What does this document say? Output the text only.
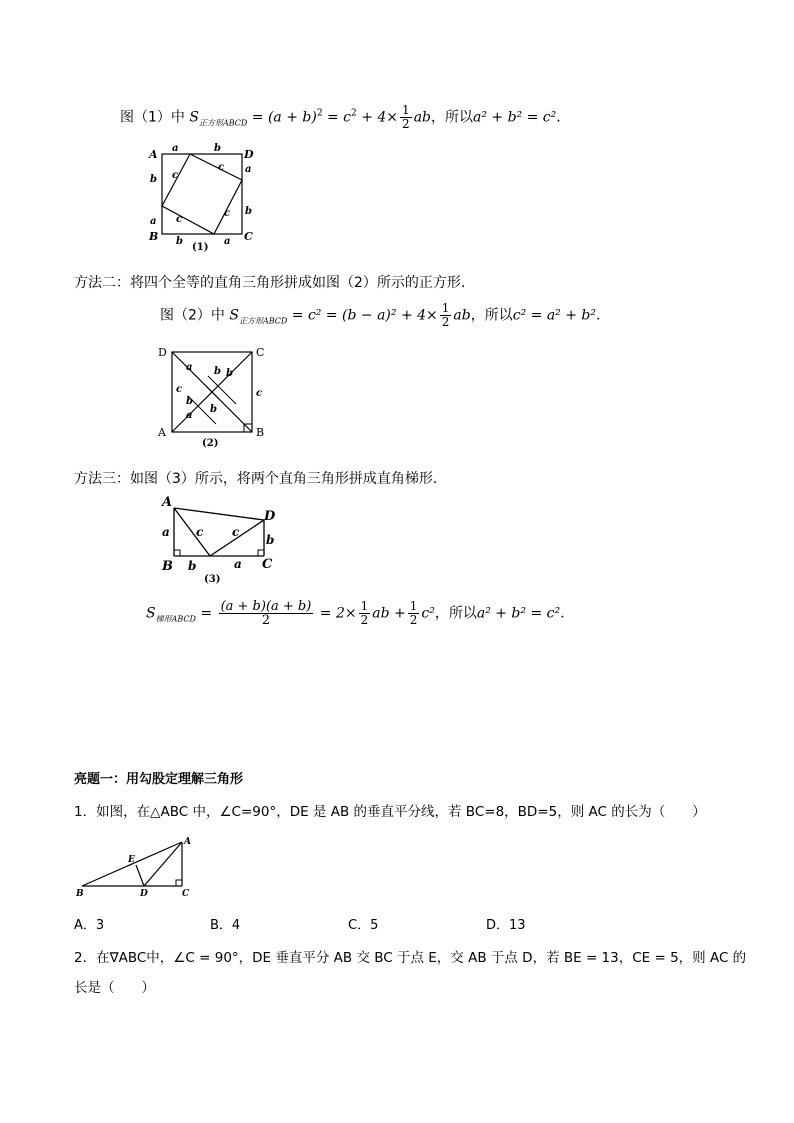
图（1）中 $S_{正方形ABCD} = (a + b)^2 = c^2 + 4\times \frac{1}{2}$ ab，所以a² + b² = c².
A
B	C
D
a	b
b
a
a
b
b	a
c
c
c
c
(1)
方法二：将四个全等的直角三角形拼成如图（2）所示的正方形.
图（2）中 $S_{正方形ABCD} = c^2 = (b - a)^2 + 4\times \frac{1}{2}$ ab，所以c² = a² + b².
D	C
A	B
a b b
c
b
b
a
c
(2)
方法三：如图（3）所示，将两个直角三角形拼成直角梯形.
A
B	C
D
a c c
b
b	a
(3)
$S_{梯形ABCD} = \frac{(a + b)(a + b)}{2} = 2\times \frac{1}{2}$ ab + $\frac{1}{2} c^2$，所以a² + b² = c².
亮题一：用勾股定理解三角形
1．如图，在△ABC 中，∠C=90°，DE 是 AB 的垂直平分线，若 BC=8，BD=5，则 AC 的长为（　　）
A
E
B	D	C
A．3	B．4	C．5	D．13
2．在∇ABC中，∠C = 90°，DE 垂直平分 AB 交 BC 于点 E，交 AB 于点 D，若 BE = 13，CE = 5，则 AC 的
长是（　　）
